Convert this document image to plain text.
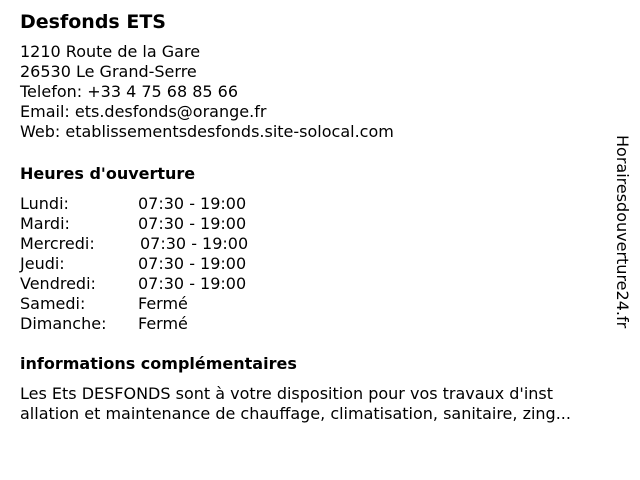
Desfonds ETS
1210 Route de la Gare
26530 Le Grand-Serre
Telefon: +33 4 75 68 85 66
Email: ets.desfonds@orange.fr
Web: etablissementsdesfonds.site-solocal.com
Heures d'ouverture
Lundi:	07:30 - 19:00
Mardi:	07:30 - 19:00
Mercredi:	07:30 - 19:00
Jeudi:	07:30 - 19:00
Vendredi:	07:30 - 19:00
Samedi:	Fermé
Dimanche:	Fermé
informations complémentaires
Les Ets DESFONDS sont à votre disposition pour vos travaux d'inst
allation et maintenance de chauffage, climatisation, sanitaire, zing...
Horairesdouverture24.fr
